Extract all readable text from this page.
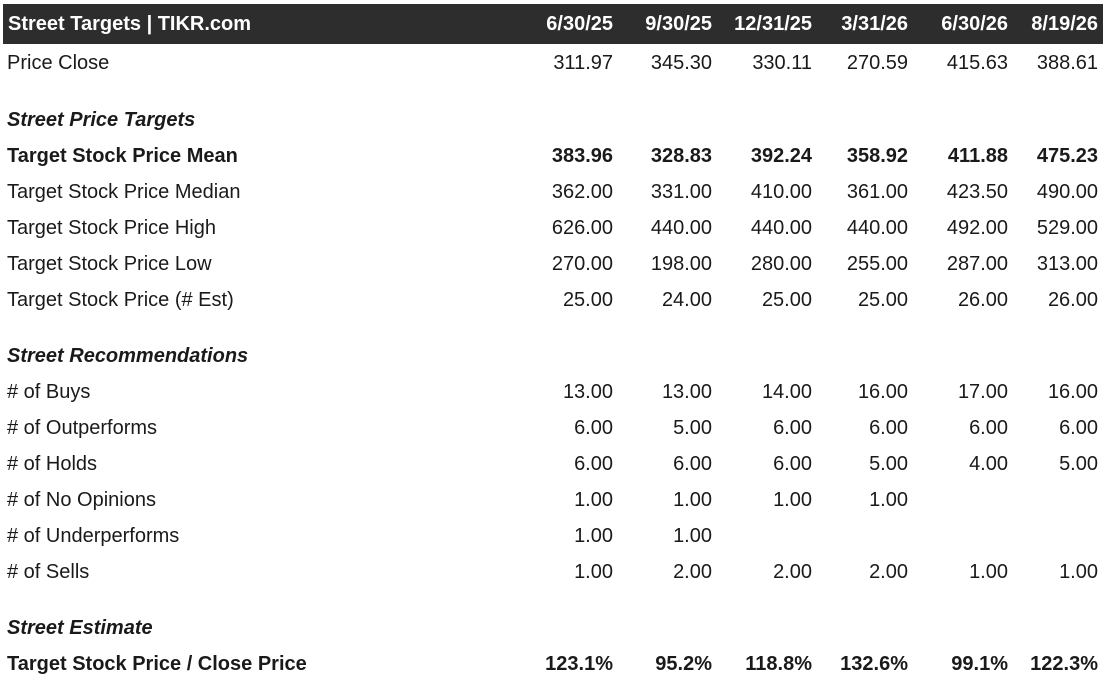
Street Targets | TIKR.com	6/30/25	9/30/25	12/31/25	3/31/26	6/30/26	8/19/26
Price Close	311.97	345.30	330.11	270.59	415.63	388.61
Street Price Targets						
Target Stock Price Mean	383.96	328.83	392.24	358.92	411.88	475.23
Target Stock Price Median	362.00	331.00	410.00	361.00	423.50	490.00
Target Stock Price High	626.00	440.00	440.00	440.00	492.00	529.00
Target Stock Price Low	270.00	198.00	280.00	255.00	287.00	313.00
Target Stock Price (# Est)	25.00	24.00	25.00	25.00	26.00	26.00
Street Recommendations						
# of Buys	13.00	13.00	14.00	16.00	17.00	16.00
# of Outperforms	6.00	5.00	6.00	6.00	6.00	6.00
# of Holds	6.00	6.00	6.00	5.00	4.00	5.00
# of No Opinions	1.00	1.00	1.00	1.00		
# of Underperforms	1.00	1.00				
# of Sells	1.00	2.00	2.00	2.00	1.00	1.00
Street Estimate						
Target Stock Price / Close Price	123.1%	95.2%	118.8%	132.6%	99.1%	122.3%
